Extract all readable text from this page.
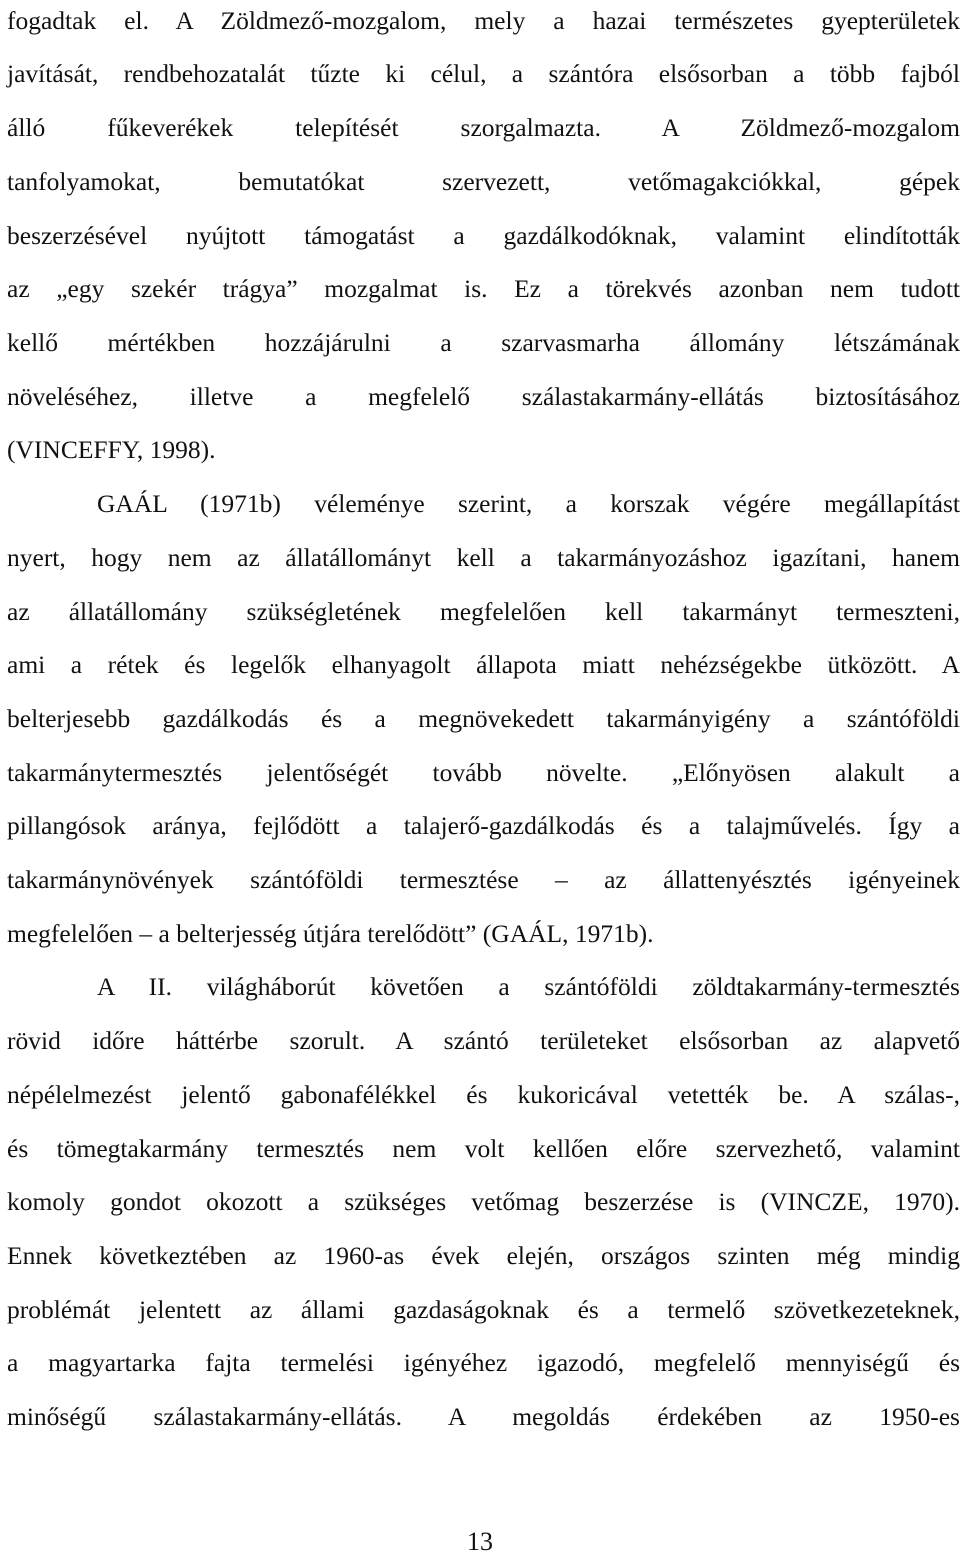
fogadtak el. A Zöldmező-mozgalom, mely a hazai természetes gyepterületek
javítását, rendbehozatalát tűzte ki célul, a szántóra elsősorban a több fajból
álló fűkeverékek telepítését szorgalmazta. A Zöldmező-mozgalom
tanfolyamokat, bemutatókat szervezett, vetőmagakciókkal, gépek
beszerzésével nyújtott támogatást a gazdálkodóknak, valamint elindították
az „egy szekér trágya” mozgalmat is. Ez a törekvés azonban nem tudott
kellő mértékben hozzájárulni a szarvasmarha állomány létszámának
növeléséhez, illetve a megfelelő szálastakarmány-ellátás biztosításához
(VINCEFFY, 1998).
GAÁL (1971b) véleménye szerint, a korszak végére megállapítást
nyert, hogy nem az állatállományt kell a takarmányozáshoz igazítani, hanem
az állatállomány szükségletének megfelelően kell takarmányt termeszteni,
ami a rétek és legelők elhanyagolt állapota miatt nehézségekbe ütközött. A
belterjesebb gazdálkodás és a megnövekedett takarmányigény a szántóföldi
takarmánytermesztés jelentőségét tovább növelte. „Előnyösen alakult a
pillangósok aránya, fejlődött a talajerő-gazdálkodás és a talajművelés. Így a
takarmánynövények szántóföldi termesztése – az állattenyésztés igényeinek
megfelelően – a belterjesség útjára terelődött” (GAÁL, 1971b).
A II. világháborút követően a szántóföldi zöldtakarmány-termesztés
rövid időre háttérbe szorult. A szántó területeket elsősorban az alapvető
népélelmezést jelentő gabonafélékkel és kukoricával vetették be. A szálas-,
és tömegtakarmány termesztés nem volt kellően előre szervezhető, valamint
komoly gondot okozott a szükséges vetőmag beszerzése is (VINCZE, 1970).
Ennek következtében az 1960-as évek elején, országos szinten még mindig
problémát jelentett az állami gazdaságoknak és a termelő szövetkezeteknek,
a magyartarka fajta termelési igényéhez igazodó, megfelelő mennyiségű és
minőségű szálastakarmány-ellátás. A megoldás érdekében az 1950-es
13
